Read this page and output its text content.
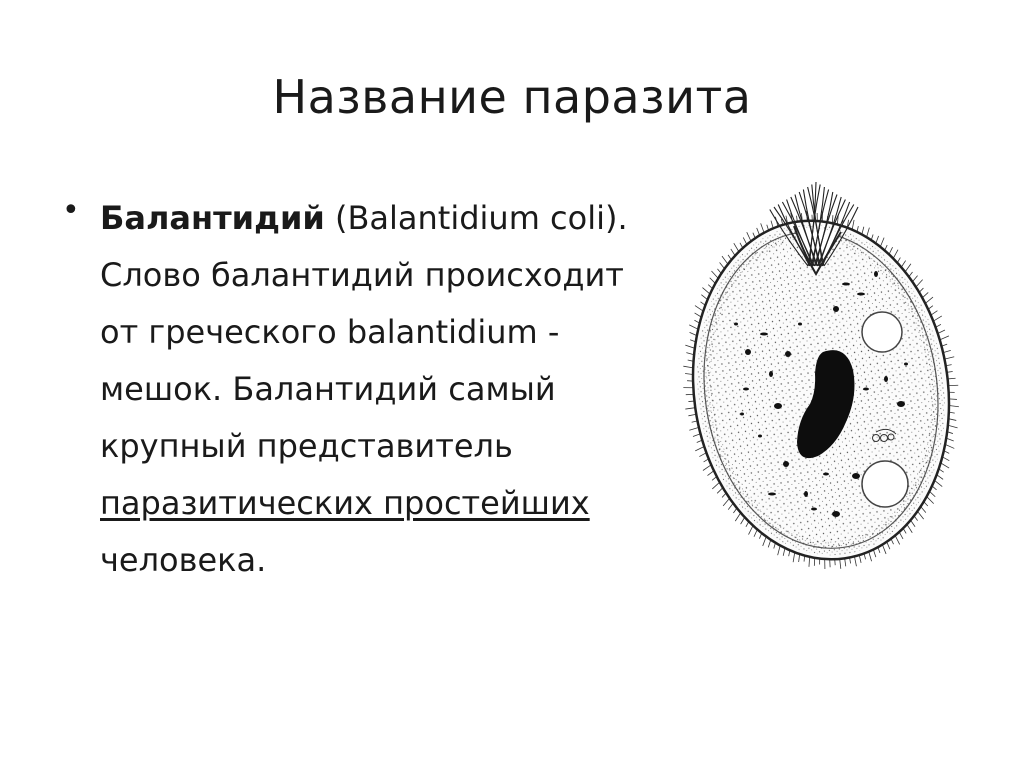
Название паразита
• Балантидий (Balantidium coli). Слово балантидий происходит от греческого balantidium - мешок. Балантидий самый крупный представитель паразитических простейших человека.
